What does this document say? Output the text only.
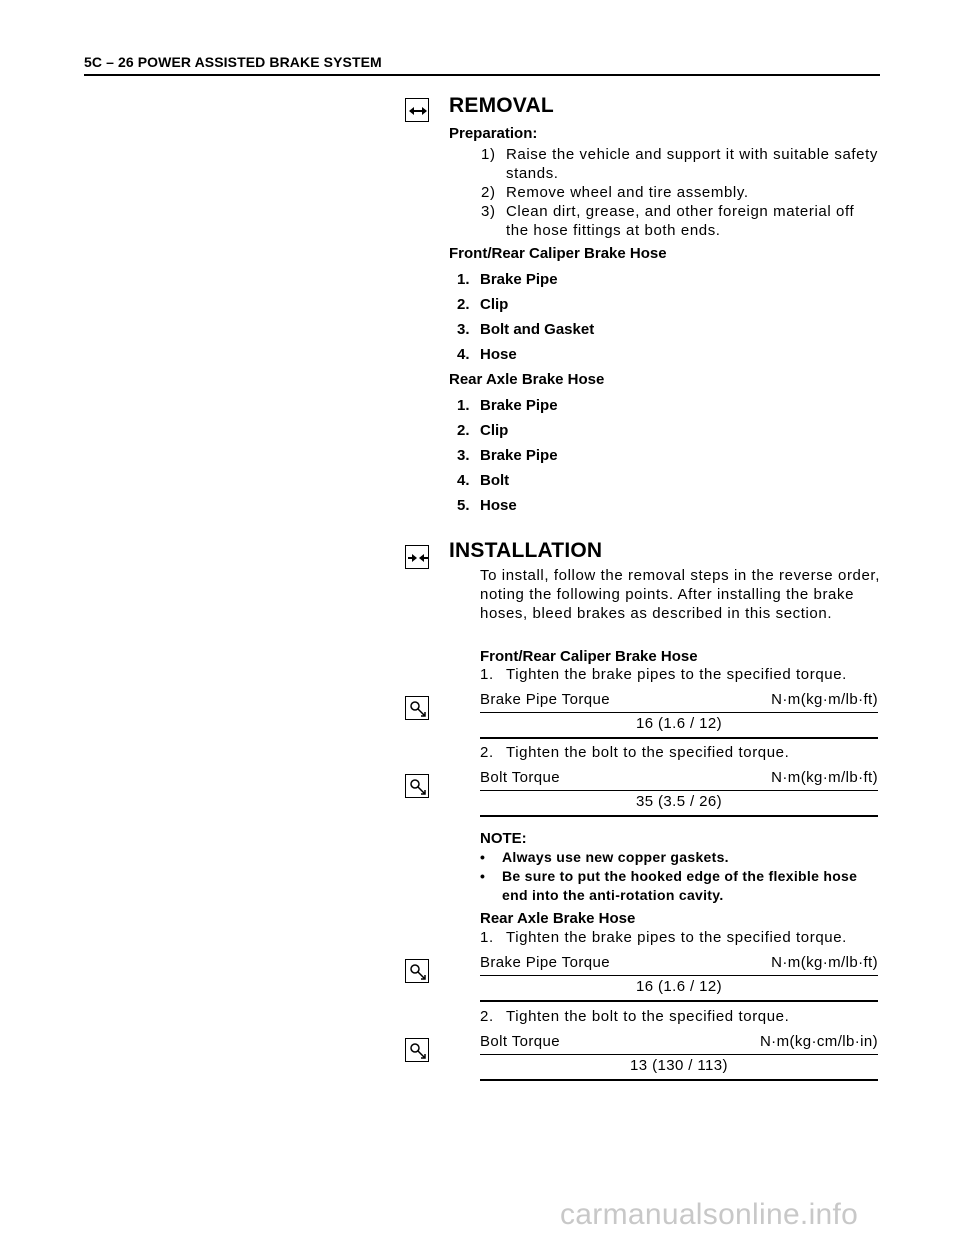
5C – 26 POWER ASSISTED BRAKE SYSTEM
REMOVAL
Preparation:
1) Raise the vehicle and support it with suitable safety stands.
2) Remove wheel and tire assembly.
3) Clean dirt, grease, and other foreign material off the hose fittings at both ends.
Front/Rear Caliper Brake Hose
1. Brake Pipe
2. Clip
3. Bolt and Gasket
4. Hose
Rear Axle Brake Hose
1. Brake Pipe
2. Clip
3. Brake Pipe
4. Bolt
5. Hose
INSTALLATION
To install, follow the removal steps in the reverse order, noting the following points. After installing the brake hoses, bleed brakes as described in this section.
Front/Rear Caliper Brake Hose
1. Tighten the brake pipes to the specified torque.
Brake Pipe Torque	N·m(kg·m/lb·ft)
16 (1.6 / 12)
2. Tighten the bolt to the specified torque.
Bolt Torque	N·m(kg·m/lb·ft)
35 (3.5 / 26)
NOTE:
• Always use new copper gaskets.
• Be sure to put the hooked edge of the flexible hose end into the anti-rotation cavity.
Rear Axle Brake Hose
1. Tighten the brake pipes to the specified torque.
Brake Pipe Torque	N·m(kg·m/lb·ft)
16 (1.6 / 12)
2. Tighten the bolt to the specified torque.
Bolt Torque	N·m(kg·cm/lb·in)
13 (130 / 113)
carmanualsonline.info
